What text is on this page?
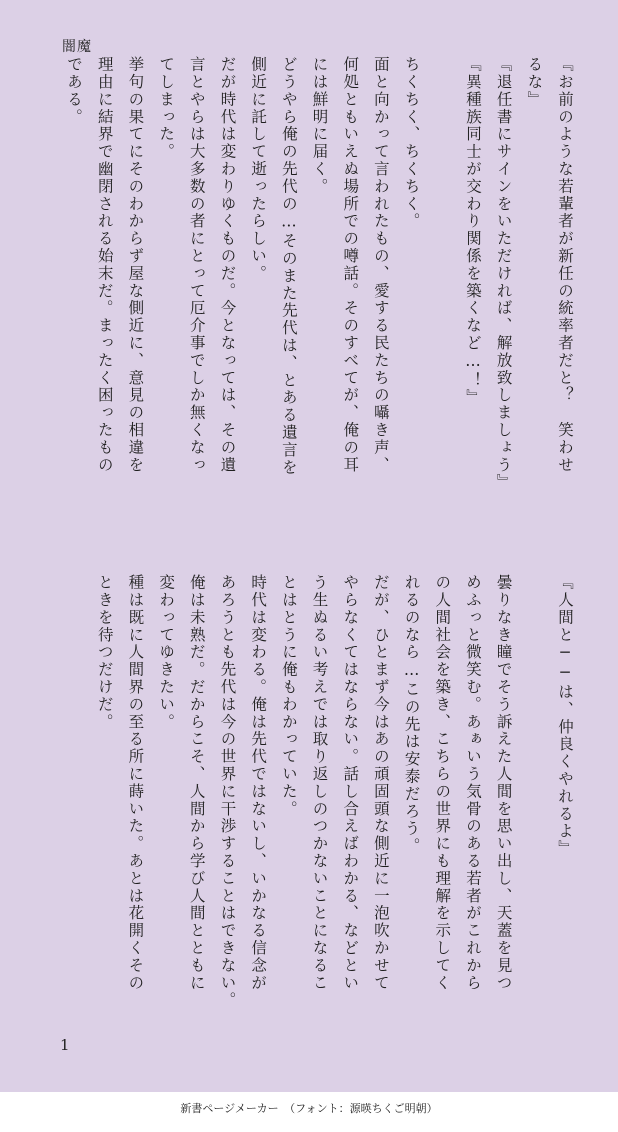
闇魔
『お前のような若輩者が新任の統率者だと？　笑わせ
るな』
『退任書にサインをいただければ、解放致しましょう』
『異種族同士が交わり関係を築くなど…！』
ちくちく、ちくちく。
面と向かって言われたもの、愛する民たちの囁き声、
何処ともいえぬ場所での噂話。そのすべてが、俺の耳
には鮮明に届く。
どうやら俺の先代の…そのまた先代は、とある遺言を
側近に託して逝ったらしい。
だが時代は変わりゆくものだ。今となっては、その遺
言とやらは大多数の者にとって厄介事でしか無くなっ
てしまった。
挙句の果てにそのわからず屋な側近に、意見の相違を
理由に結界で幽閉される始末だ。まったく困ったもの
である。
『人間と──は、仲良くやれるよ』
曇りなき瞳でそう訴えた人間を思い出し、天蓋を見つ
めふっと微笑む。あぁいう気骨のある若者がこれから
の人間社会を築き、こちらの世界にも理解を示してく
れるのなら…この先は安泰だろう。
だが、ひとまず今はあの頑固頭な側近に一泡吹かせて
やらなくてはならない。話し合えばわかる、などとい
う生ぬるい考えでは取り返しのつかないことになるこ
とはとうに俺もわかっていた。
時代は変わる。俺は先代ではないし、いかなる信念が
あろうとも先代は今の世界に干渉することはできない。
俺は未熟だ。だからこそ、人間から学び人間とともに
変わってゆきたい。
種は既に人間界の至る所に蒔いた。あとは花開くその
ときを待つだけだ。
1
新書ページメーカー　（フォント：源暎ちくご明朝）
